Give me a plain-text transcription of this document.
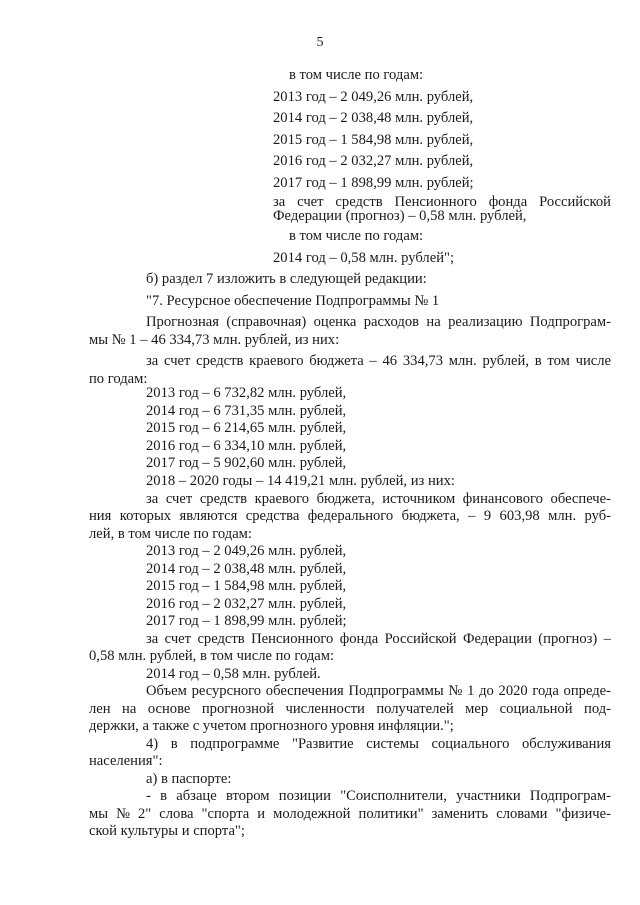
5
в том числе по годам:
2013 год – 2 049,26 млн. рублей,
2014 год – 2 038,48 млн. рублей,
2015 год – 1 584,98 млн. рублей,
2016 год – 2 032,27 млн. рублей,
2017 год – 1 898,99 млн. рублей;
за счет средств Пенсионного фонда Российской
Федерации (прогноз) – 0,58 млн. рублей,
в том числе по годам:
2014 год – 0,58 млн. рублей";
б) раздел 7 изложить в следующей редакции:
"7. Ресурсное обеспечение Подпрограммы № 1
Прогнозная (справочная) оценка расходов на реализацию Подпрограм-
мы № 1 – 46 334,73 млн. рублей, из них:
за счет средств краевого бюджета – 46 334,73 млн. рублей, в том числе
по годам:
2013 год – 6 732,82 млн. рублей,
2014 год – 6 731,35 млн. рублей,
2015 год – 6 214,65 млн. рублей,
2016 год – 6 334,10 млн. рублей,
2017 год – 5 902,60 млн. рублей,
2018 – 2020 годы – 14 419,21 млн. рублей, из них:
за счет средств краевого бюджета, источником финансового обеспече-
ния которых являются средства федерального бюджета, – 9 603,98 млн. руб-
лей, в том числе по годам:
2013 год – 2 049,26 млн. рублей,
2014 год – 2 038,48 млн. рублей,
2015 год – 1 584,98 млн. рублей,
2016 год – 2 032,27 млн. рублей,
2017 год – 1 898,99 млн. рублей;
за счет средств Пенсионного фонда Российской Федерации (прогноз) –
0,58 млн. рублей, в том числе по годам:
2014 год – 0,58 млн. рублей.
Объем ресурсного обеспечения Подпрограммы № 1 до 2020 года опреде-
лен на основе прогнозной численности получателей мер социальной под-
держки, а также с учетом прогнозного уровня инфляции.";
4) в подпрограмме "Развитие системы социального обслуживания
населения":
а) в паспорте:
- в абзаце втором позиции "Соисполнители, участники Подпрограм-
мы № 2" слова "спорта и молодежной политики" заменить словами "физиче-
ской культуры и спорта";
